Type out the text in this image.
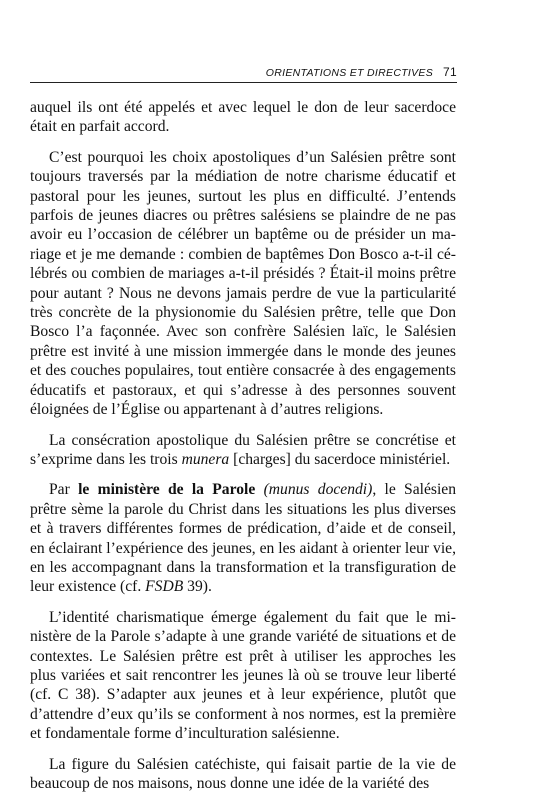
ORIENTATIONS ET DIRECTIVES 71

auquel ils ont été appelés et avec lequel le don de leur sacerdoce était en parfait accord.

C’est pourquoi les choix apostoliques d’un Salésien prêtre sont toujours traversés par la médiation de notre charisme éducatif et pastoral pour les jeunes, surtout les plus en difficulté. J’entends parfois de jeunes diacres ou prêtres salésiens se plaindre de ne pas avoir eu l’occasion de célébrer un baptême ou de présider un mariage et je me demande : combien de baptêmes Don Bosco a-t-il célébrés ou combien de mariages a-t-il présidés ? Était-il moins prêtre pour autant ? Nous ne devons jamais perdre de vue la particularité très concrète de la physionomie du Salésien prêtre, telle que Don Bosco l’a façonnée. Avec son confrère Salésien laïc, le Salésien prêtre est invité à une mission immergée dans le monde des jeunes et des couches populaires, tout entière consacrée à des engagements éducatifs et pastoraux, et qui s’adresse à des personnes souvent éloignées de l’Église ou appartenant à d’autres religions.

La consécration apostolique du Salésien prêtre se concrétise et s’exprime dans les trois munera [charges] du sacerdoce ministériel.

Par le ministère de la Parole (munus docendi), le Salésien prêtre sème la parole du Christ dans les situations les plus diverses et à travers différentes formes de prédication, d’aide et de conseil, en éclairant l’expérience des jeunes, en les aidant à orienter leur vie, en les accompagnant dans la transformation et la transfiguration de leur existence (cf. FSDB 39).

L’identité charismatique émerge également du fait que le ministère de la Parole s’adapte à une grande variété de situations et de contextes. Le Salésien prêtre est prêt à utiliser les approches les plus variées et sait rencontrer les jeunes là où se trouve leur liberté (cf. C 38). S’adapter aux jeunes et à leur expérience, plutôt que d’attendre d’eux qu’ils se conforment à nos normes, est la première et fondamentale forme d’inculturation salésienne.

La figure du Salésien catéchiste, qui faisait partie de la vie de beaucoup de nos maisons, nous donne une idée de la variété des
